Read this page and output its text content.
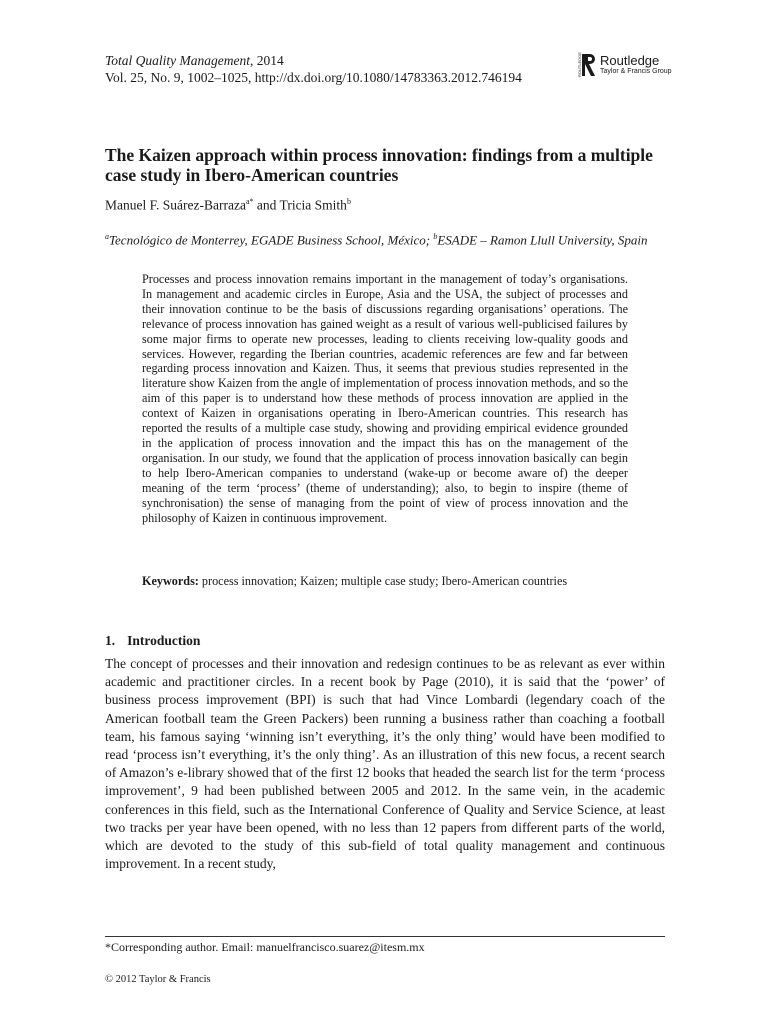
Total Quality Management, 2014
Vol. 25, No. 9, 1002–1025, http://dx.doi.org/10.1080/14783363.2012.746194
ROUTLEDGE Routledge
Taylor & Francis Group
The Kaizen approach within process innovation: findings from a multiple case study in Ibero-American countries
Manuel F. Suárez-Barraza$^{a*}$ and Tricia Smith$^b$
$^a$Tecnológico de Monterrey, EGADE Business School, México; $^b$ESADE – Ramon Llull University, Spain

Processes and process innovation remains important in the management of today’s organisations. In management and academic circles in Europe, Asia and the USA, the subject of processes and their innovation continue to be the basis of discussions regarding organisations’ operations. The relevance of process innovation has gained weight as a result of various well-publicised failures by some major firms to operate new processes, leading to clients receiving low-quality goods and services. However, regarding the Iberian countries, academic references are few and far between regarding process innovation and Kaizen. Thus, it seems that previous studies represented in the literature show Kaizen from the angle of implementation of process innovation methods, and so the aim of this paper is to understand how these methods of process innovation are applied in the context of Kaizen in organisations operating in Ibero-American countries. This research has reported the results of a multiple case study, showing and providing empirical evidence grounded in the application of process innovation and the impact this has on the management of the organisation. In our study, we found that the application of process innovation basically can begin to help Ibero-American companies to understand (wake-up or become aware of) the deeper meaning of the term ‘process’ (theme of understanding); also, to begin to inspire (theme of synchronisation) the sense of managing from the point of view of process innovation and the philosophy of Kaizen in continuous improvement.

Keywords: process innovation; Kaizen; multiple case study; Ibero-American countries
1. Introduction

The concept of processes and their innovation and redesign continues to be as relevant as ever within academic and practitioner circles. In a recent book by Page (2010), it is said that the ‘power’ of business process improvement (BPI) is such that had Vince Lombardi (legendary coach of the American football team the Green Packers) been running a business rather than coaching a football team, his famous saying ‘winning isn’t everything, it’s the only thing’ would have been modified to read ‘process isn’t everything, it’s the only thing’. As an illustration of this new focus, a recent search of Amazon’s e-library showed that of the first 12 books that headed the search list for the term ‘process improvement’, 9 had been published between 2005 and 2012. In the same vein, in the academic conferences in this field, such as the International Conference of Quality and Service Science, at least two tracks per year have been opened, with no less than 12 papers from different parts of the world, which are devoted to the study of this sub-field of total quality management and continuous improvement. In a recent study,

*Corresponding author. Email: manuelfrancisco.suarez@itesm.mx
© 2012 Taylor & Francis
